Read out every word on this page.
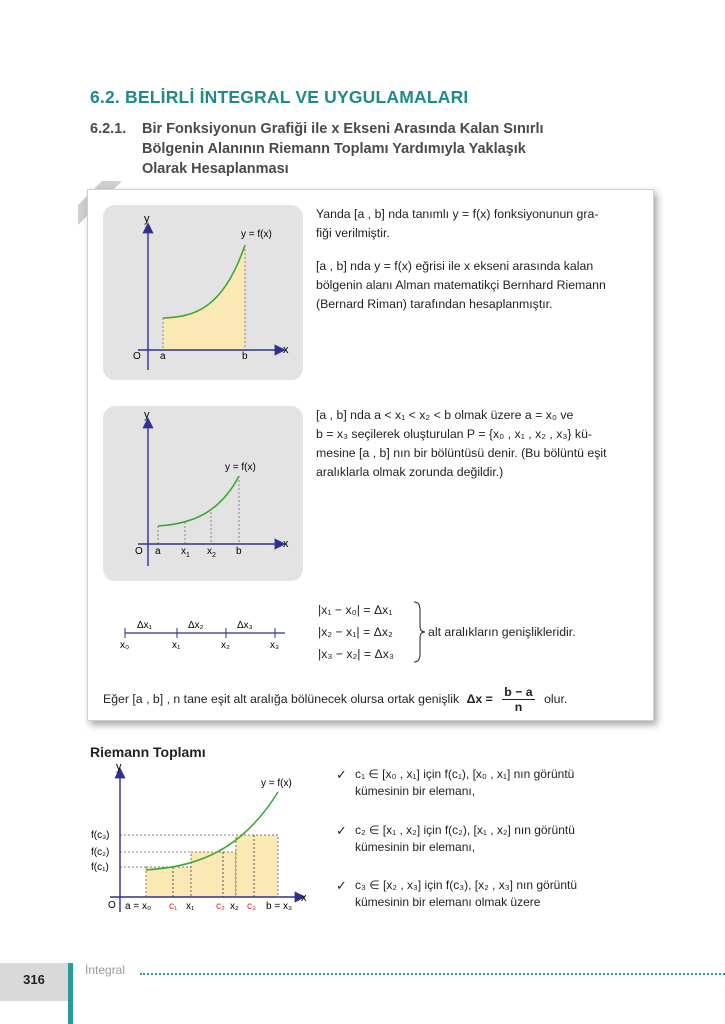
6.2. BELİRLİ İNTEGRAL VE UYGULAMALARI
6.2.1. Bir Fonksiyonun Grafiği ile x Ekseni Arasında Kalan Sınırlı
Bölgenin Alanının Riemann Toplamı Yardımıyla Yaklaşık
Olarak Hesaplanması
y
x
O a	b
y = f(x)

Yanda [a , b] nda tanımlı y = f(x) fonksiyonunun gra-
fiği verilmiştir.

[a , b] nda y = f(x) eğrisi ile x ekseni arasında kalan
bölgenin alanı Alman matematikçi Bernhard Riemann
(Bernard Riman) tarafından hesaplanmıştır.

y
x
O a $x_1$ $x_2$ b
y = f(x)
[a , b] nda a < x₁ < x₂ < b olmak üzere a = x₀ ve
b = x₃ seçilerek oluşturulan P = {x₀ , x₁ , x₂ , x₃} kü-
mesine [a , b] nın bir bölüntüsü denir. (Bu bölüntü eşit
aralıklarla olmak zorunda değildir.)
Δx₁	Δx₂	Δx₃
x₀	x₁	x₂	x₃
|x₁ − x₀| = Δx₁
|x₂ − x₁| = Δx₂
|x₃ − x₂| = Δx₃
alt aralıkların genişlikleridir.
Eğer [a , b] , n tane eşit alt aralığa bölünecek olursa ortak genişlik $\Delta x = \frac{b - a}{n}$ olur.
Riemann Toplamı
y
x
O
y = f(x)
f(c₃)
f(c₂)
f(c₁)
a = x₀ c₁ x₁ c₂ x₂ c₃ b = x₃
✓ c₁ ∈ [x₀ , x₁] için f(c₁), [x₀ , x₁] nın görüntü
kümesinin bir elemanı,
✓ c₂ ∈ [x₁ , x₂] için f(c₂), [x₁ , x₂] nın görüntü
kümesinin bir elemanı,
✓ c₃ ∈ [x₂ , x₃] için f(c₃), [x₂ , x₃] nın görüntü
kümesinin bir elemanı olmak üzere
316
İntegral
